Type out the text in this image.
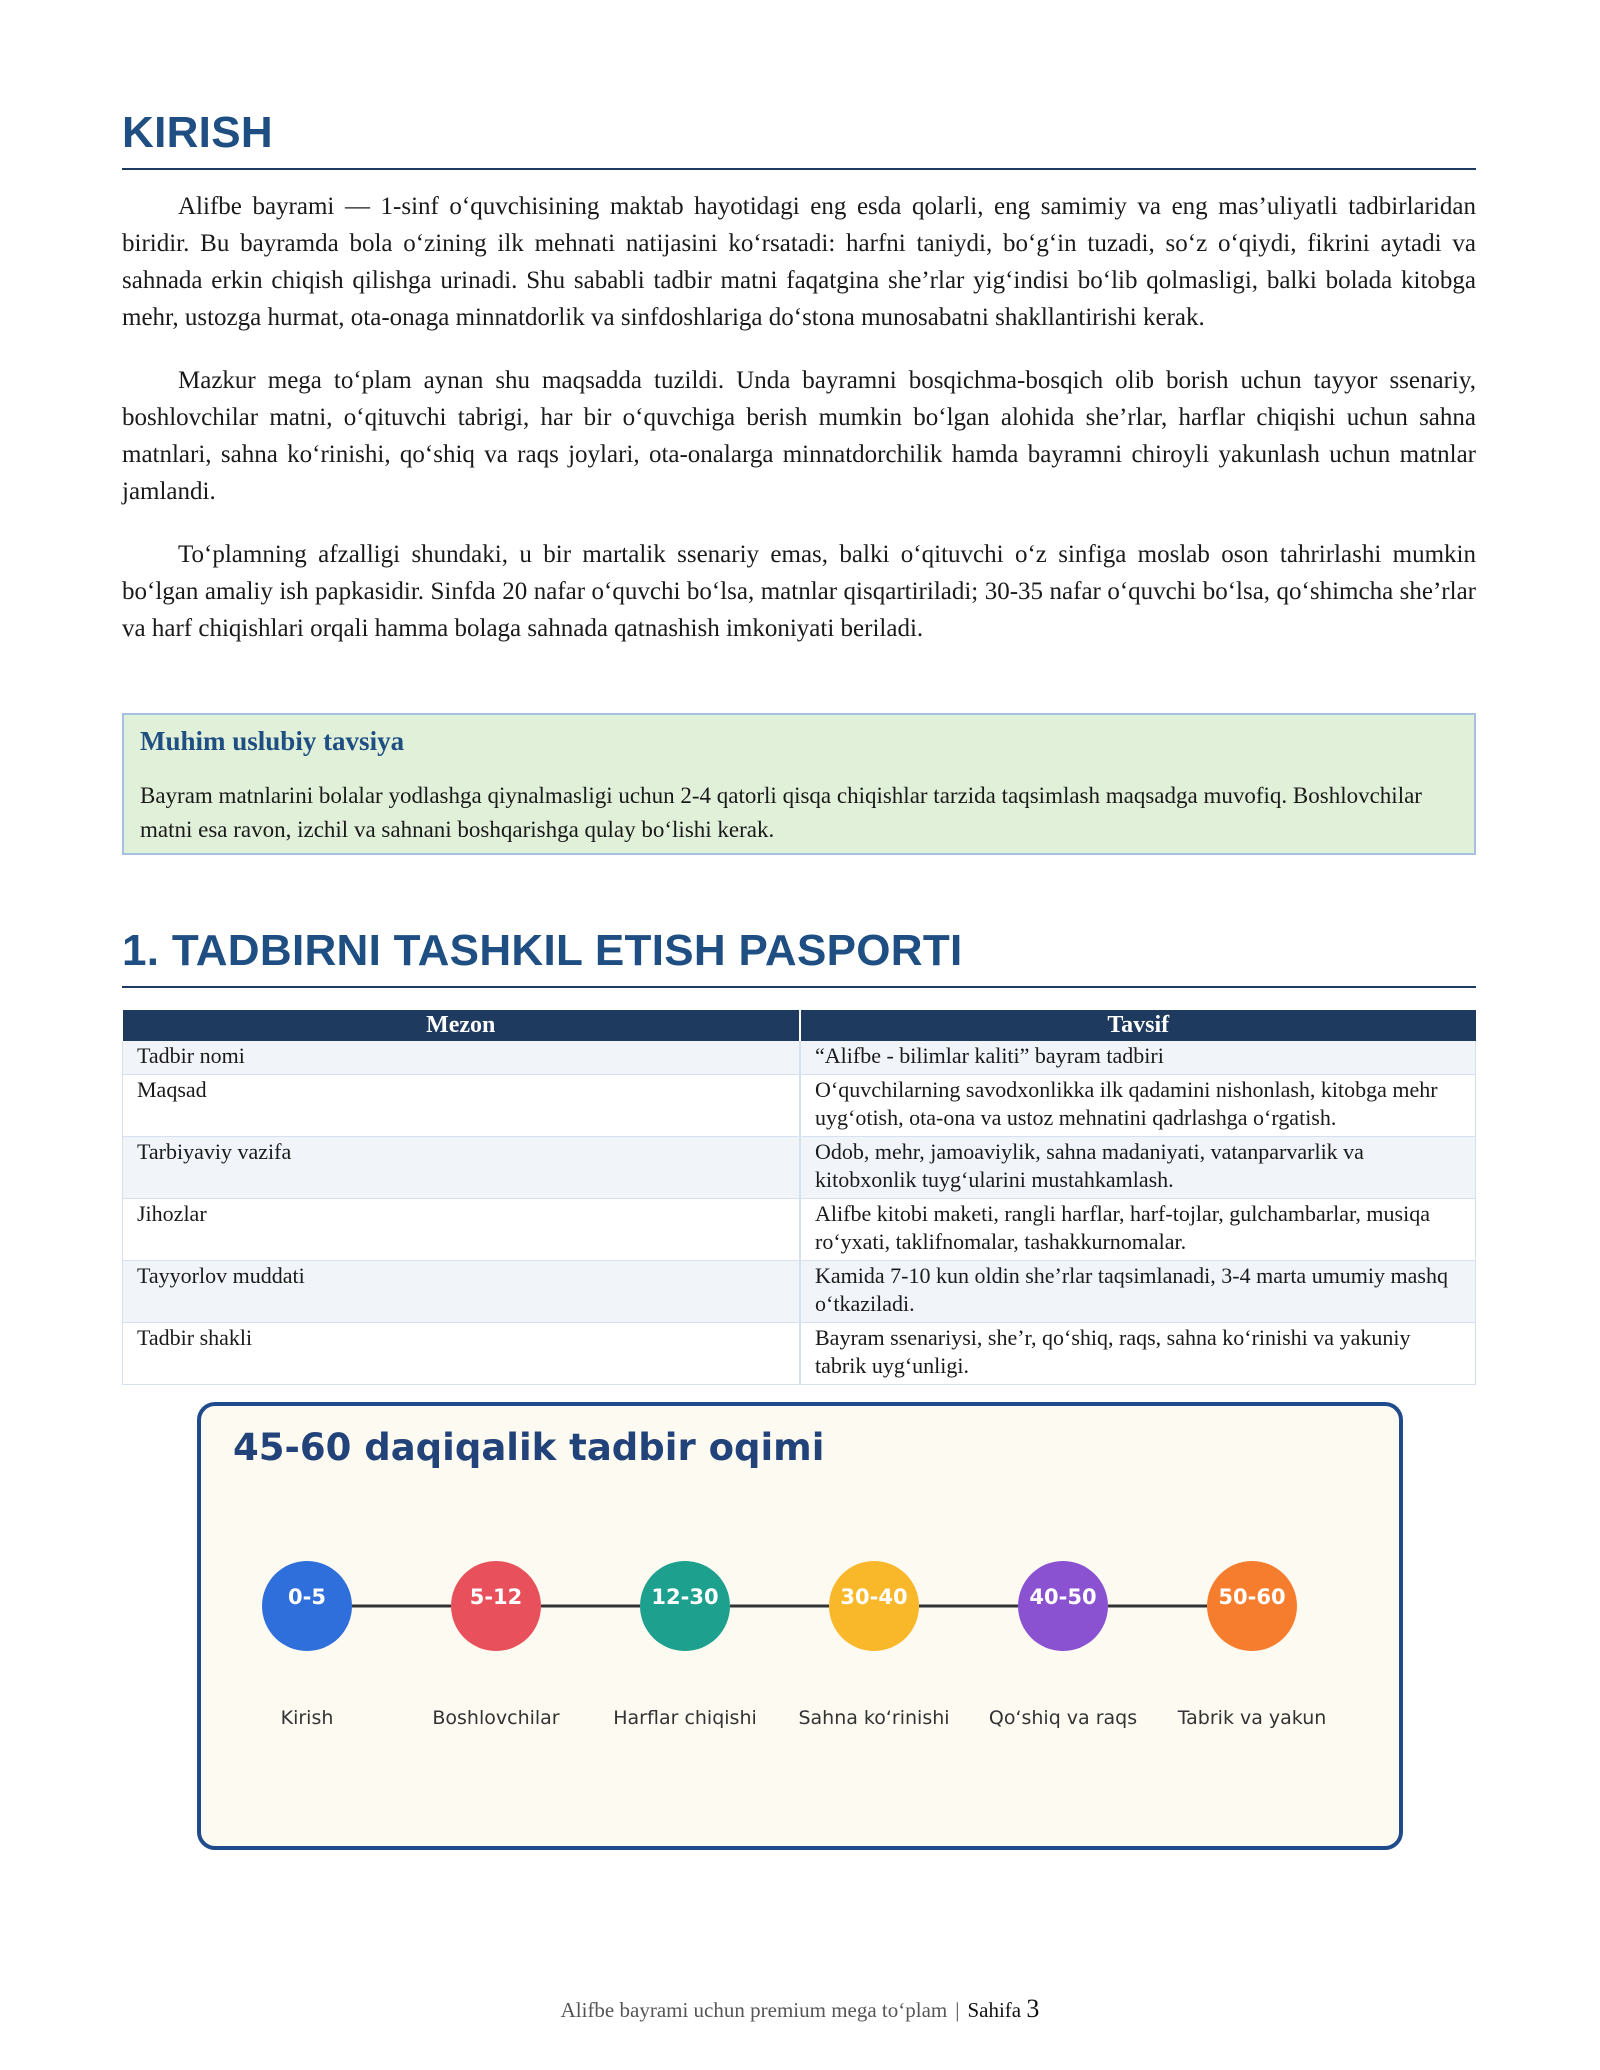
KIRISH

Alifbe bayrami — 1-sinf o‘quvchisining maktab hayotidagi eng esda qolarli, eng samimiy va eng mas’uliyatli tadbirlaridan biridir. Bu bayramda bola o‘zining ilk mehnati natijasini ko‘rsatadi: harfni taniydi, bo‘g‘in tuzadi, so‘z o‘qiydi, fikrini aytadi va sahnada erkin chiqish qilishga urinadi. Shu sababli tadbir matni faqatgina she’rlar yig‘indisi bo‘lib qolmasligi, balki bolada kitobga mehr, ustozga hurmat, ota-onaga minnatdorlik va sinfdoshlariga do‘stona munosabatni shakllantirishi kerak.

Mazkur mega to‘plam aynan shu maqsadda tuzildi. Unda bayramni bosqichma-bosqich olib borish uchun tayyor ssenariy, boshlovchilar matni, o‘qituvchi tabrigi, har bir o‘quvchiga berish mumkin bo‘lgan alohida she’rlar, harflar chiqishi uchun sahna matnlari, sahna ko‘rinishi, qo‘shiq va raqs joylari, ota-onalarga minnatdorchilik hamda bayramni chiroyli yakunlash uchun matnlar jamlandi.

To‘plamning afzalligi shundaki, u bir martalik ssenariy emas, balki o‘qituvchi o‘z sinfiga moslab oson tahrirlashi mumkin bo‘lgan amaliy ish papkasidir. Sinfda 20 nafar o‘quvchi bo‘lsa, matnlar qisqartiriladi; 30-35 nafar o‘quvchi bo‘lsa, qo‘shimcha she’rlar va harf chiqishlari orqali hamma bolaga sahnada qatnashish imkoniyati beriladi.

Muhim uslubiy tavsiya
Bayram matnlarini bolalar yodlashga qiynalmasligi uchun 2-4 qatorli qisqa chiqishlar tarzida taqsimlash maqsadga muvofiq. Boshlovchilar matni esa ravon, izchil va sahnani boshqarishga qulay bo‘lishi kerak.
1. TADBIRNI TASHKIL ETISH PASPORTI
Mezon	Tavsif
Tadbir nomi	“Alifbe - bilimlar kaliti” bayram tadbiri
Maqsad	O‘quvchilarning savodxonlikka ilk qadamini nishonlash, kitobga mehr uyg‘otish, ota-ona va ustoz mehnatini qadrlashga o‘rgatish.
Tarbiyaviy vazifa	Odob, mehr, jamoaviylik, sahna madaniyati, vatanparvarlik va kitobxonlik tuyg‘ularini mustahkamlash.
Jihozlar	Alifbe kitobi maketi, rangli harflar, harf-tojlar, gulchambarlar, musiqa ro‘yxati, taklifnomalar, tashakkurnomalar.
Tayyorlov muddati	Kamida 7-10 kun oldin she’rlar taqsimlanadi, 3-4 marta umumiy mashq o‘tkaziladi.
Tadbir shakli	Bayram ssenariysi, she’r, qo‘shiq, raqs, sahna ko‘rinishi va yakuniy tabrik uyg‘unligi.
45-60 daqiqalik tadbir oqimi
0-5
Kirish
5-12
Boshlovchilar
12-30
Harflar chiqishi
30-40
Sahna ko‘rinishi
40-50
Qo‘shiq va raqs
50-60
Tabrik va yakun
Alifbe bayrami uchun premium mega to‘plam | Sahifa 3
